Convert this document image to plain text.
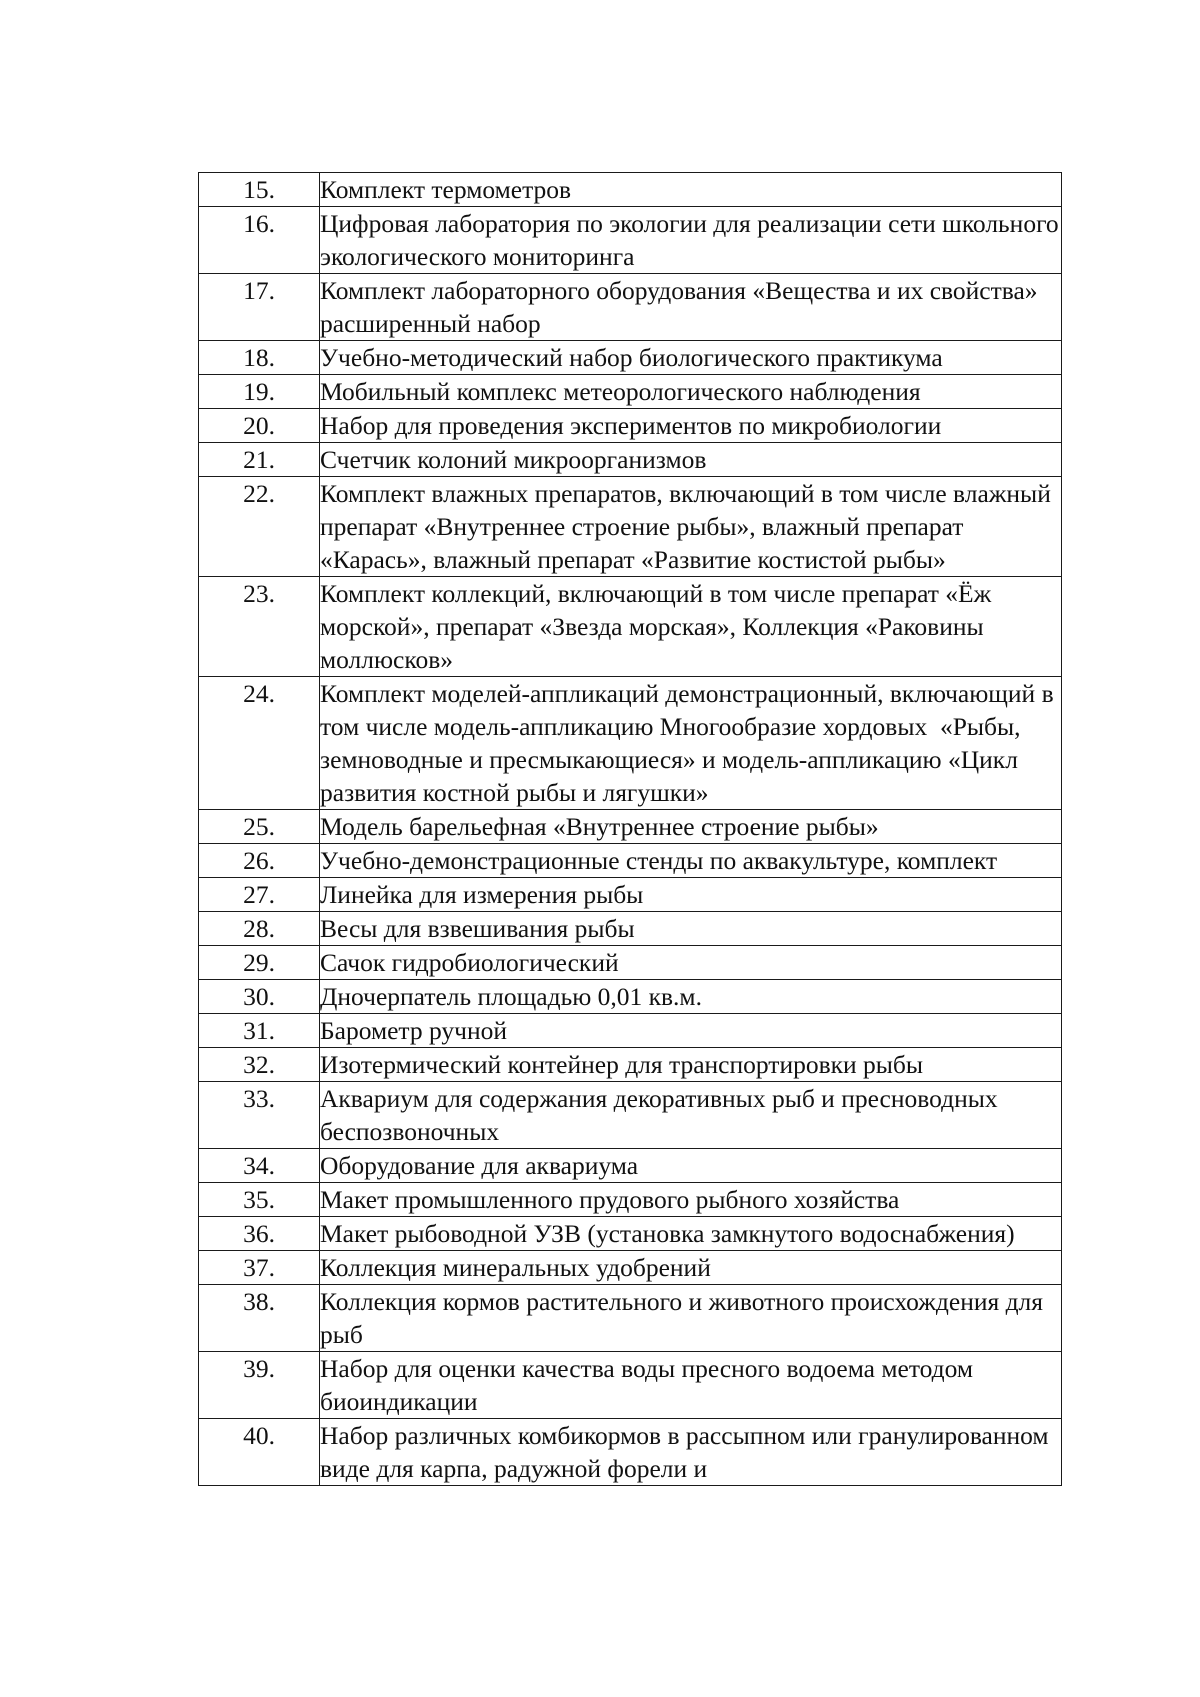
15.	Комплект термометров

16.	Цифровая лаборатория по экологии для реализации сети школьного экологического мониторинга

17.	Комплект лабораторного оборудования «Вещества и их свойства» расширенный набор

18.	Учебно-методический набор биологического практикума

19.	Мобильный комплекс метеорологического наблюдения

20.	Набор для проведения экспериментов по микробиологии

21.	Счетчик колоний микроорганизмов

22.	Комплект влажных препаратов, включающий в том числе влажный препарат «Внутреннее строение рыбы», влажный препарат «Карась», влажный препарат «Развитие костистой рыбы»

23.	Комплект коллекций, включающий в том числе препарат «Ёж морской», препарат «Звезда морская», Коллекция «Раковины моллюсков»

24.	Комплект моделей-аппликаций демонстрационный, включающий в том числе модель-аппликацию Многообразие хордовых  «Рыбы, земноводные и пресмыкающиеся» и модель-аппликацию «Цикл развития костной рыбы и лягушки»

25.	Модель барельефная «Внутреннее строение рыбы»

26.	Учебно-демонстрационные стенды по аквакультуре, комплект

27.	Линейка для измерения рыбы

28.	Весы для взвешивания рыбы

29.	Сачок гидробиологический

30.	Дночерпатель площадью 0,01 кв.м.

31.	Барометр ручной

32.	Изотермический контейнер для транспортировки рыбы

33.	Аквариум для содержания декоративных рыб и пресноводных беспозвоночных

34.	Оборудование для аквариума

35.	Макет промышленного прудового рыбного хозяйства

36.	Макет рыбоводной УЗВ (установка замкнутого водоснабжения)

37.	Коллекция минеральных удобрений

38.	Коллекция кормов растительного и животного происхождения для рыб

39.	Набор для оценки качества воды пресного водоема методом биоиндикации

40.	Набор различных комбикормов в рассыпном или гранулированном виде для карпа, радужной форели и
